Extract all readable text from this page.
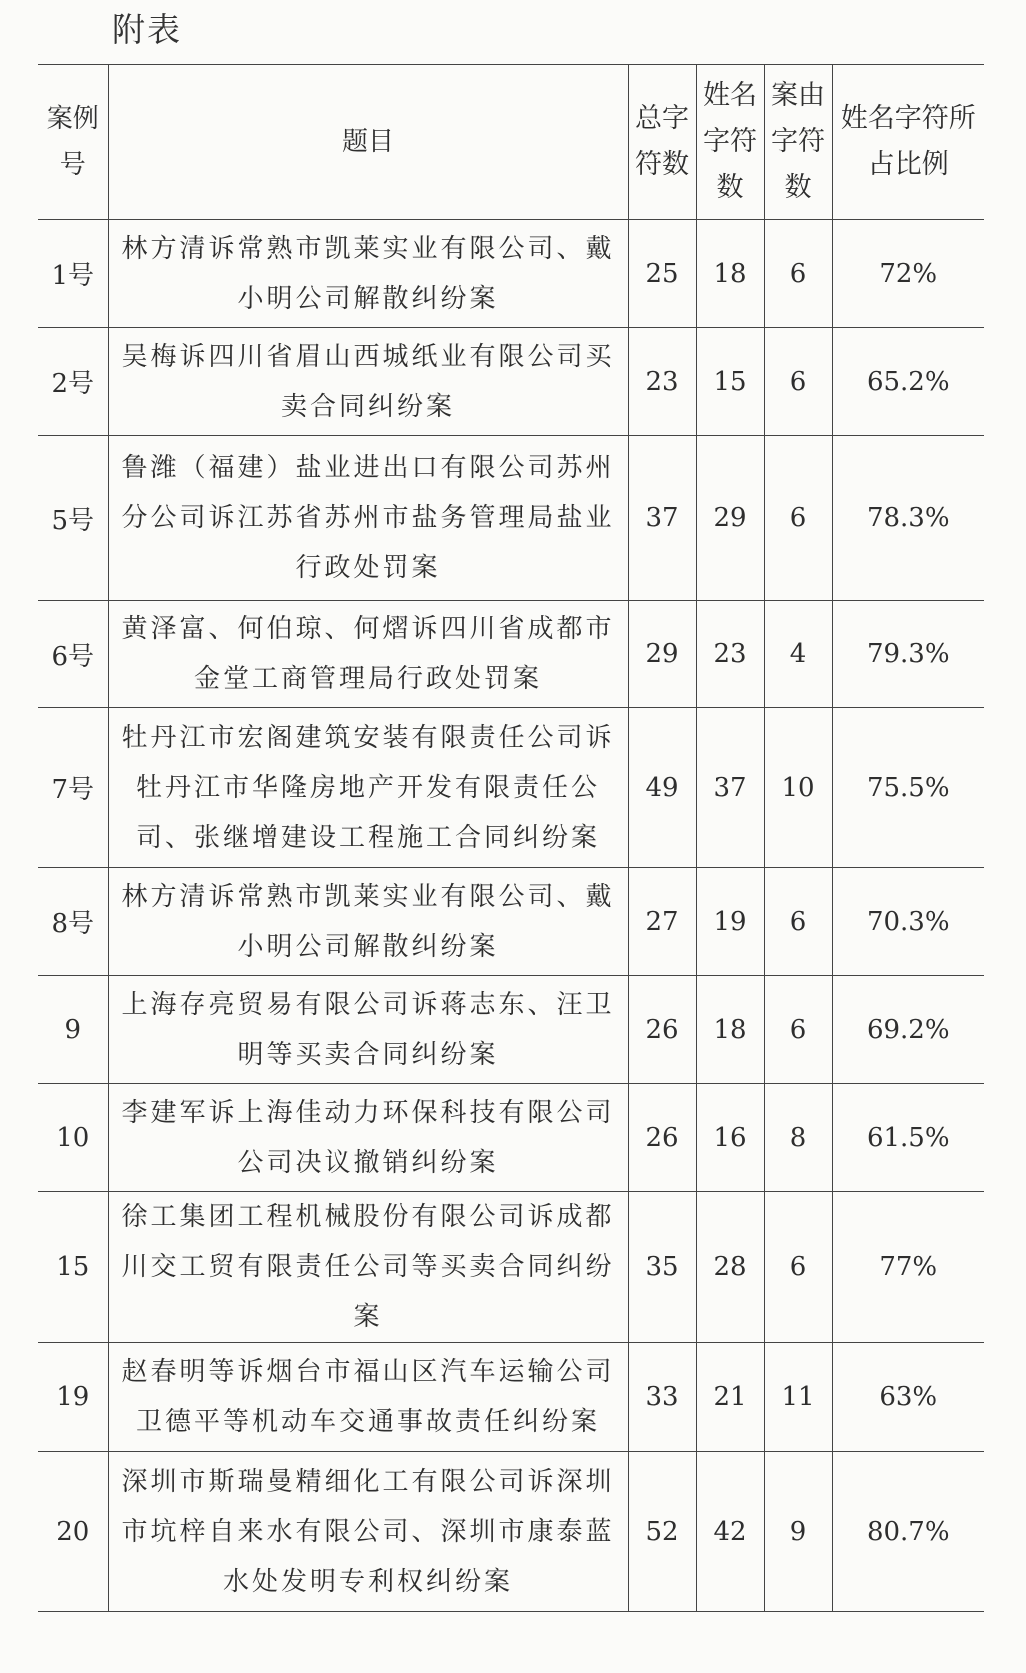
附表
案例号	题目	总字符数	姓名字符数	案由字符数	姓名字符所占比例
1号	林方清诉常熟市凯莱实业有限公司、戴小明公司解散纠纷案	25	18	6	72%
2号	吴梅诉四川省眉山西城纸业有限公司买卖合同纠纷案	23	15	6	65.2%
5号	鲁潍（福建）盐业进出口有限公司苏州分公司诉江苏省苏州市盐务管理局盐业行政处罚案	37	29	6	78.3%
6号	黄泽富、何伯琼、何熠诉四川省成都市金堂工商管理局行政处罚案	29	23	4	79.3%
7号	牡丹江市宏阁建筑安装有限责任公司诉牡丹江市华隆房地产开发有限责任公司、张继增建设工程施工合同纠纷案	49	37	10	75.5%
8号	林方清诉常熟市凯莱实业有限公司、戴小明公司解散纠纷案	27	19	6	70.3%
9	上海存亮贸易有限公司诉蒋志东、汪卫明等买卖合同纠纷案	26	18	6	69.2%
10	李建军诉上海佳动力环保科技有限公司公司决议撤销纠纷案	26	16	8	61.5%
15	徐工集团工程机械股份有限公司诉成都川交工贸有限责任公司等买卖合同纠纷案	35	28	6	77%
19	赵春明等诉烟台市福山区汽车运输公司卫德平等机动车交通事故责任纠纷案	33	21	11	63%
20	深圳市斯瑞曼精细化工有限公司诉深圳市坑梓自来水有限公司、深圳市康泰蓝水处发明专利权纠纷案	52	42	9	80.7%
